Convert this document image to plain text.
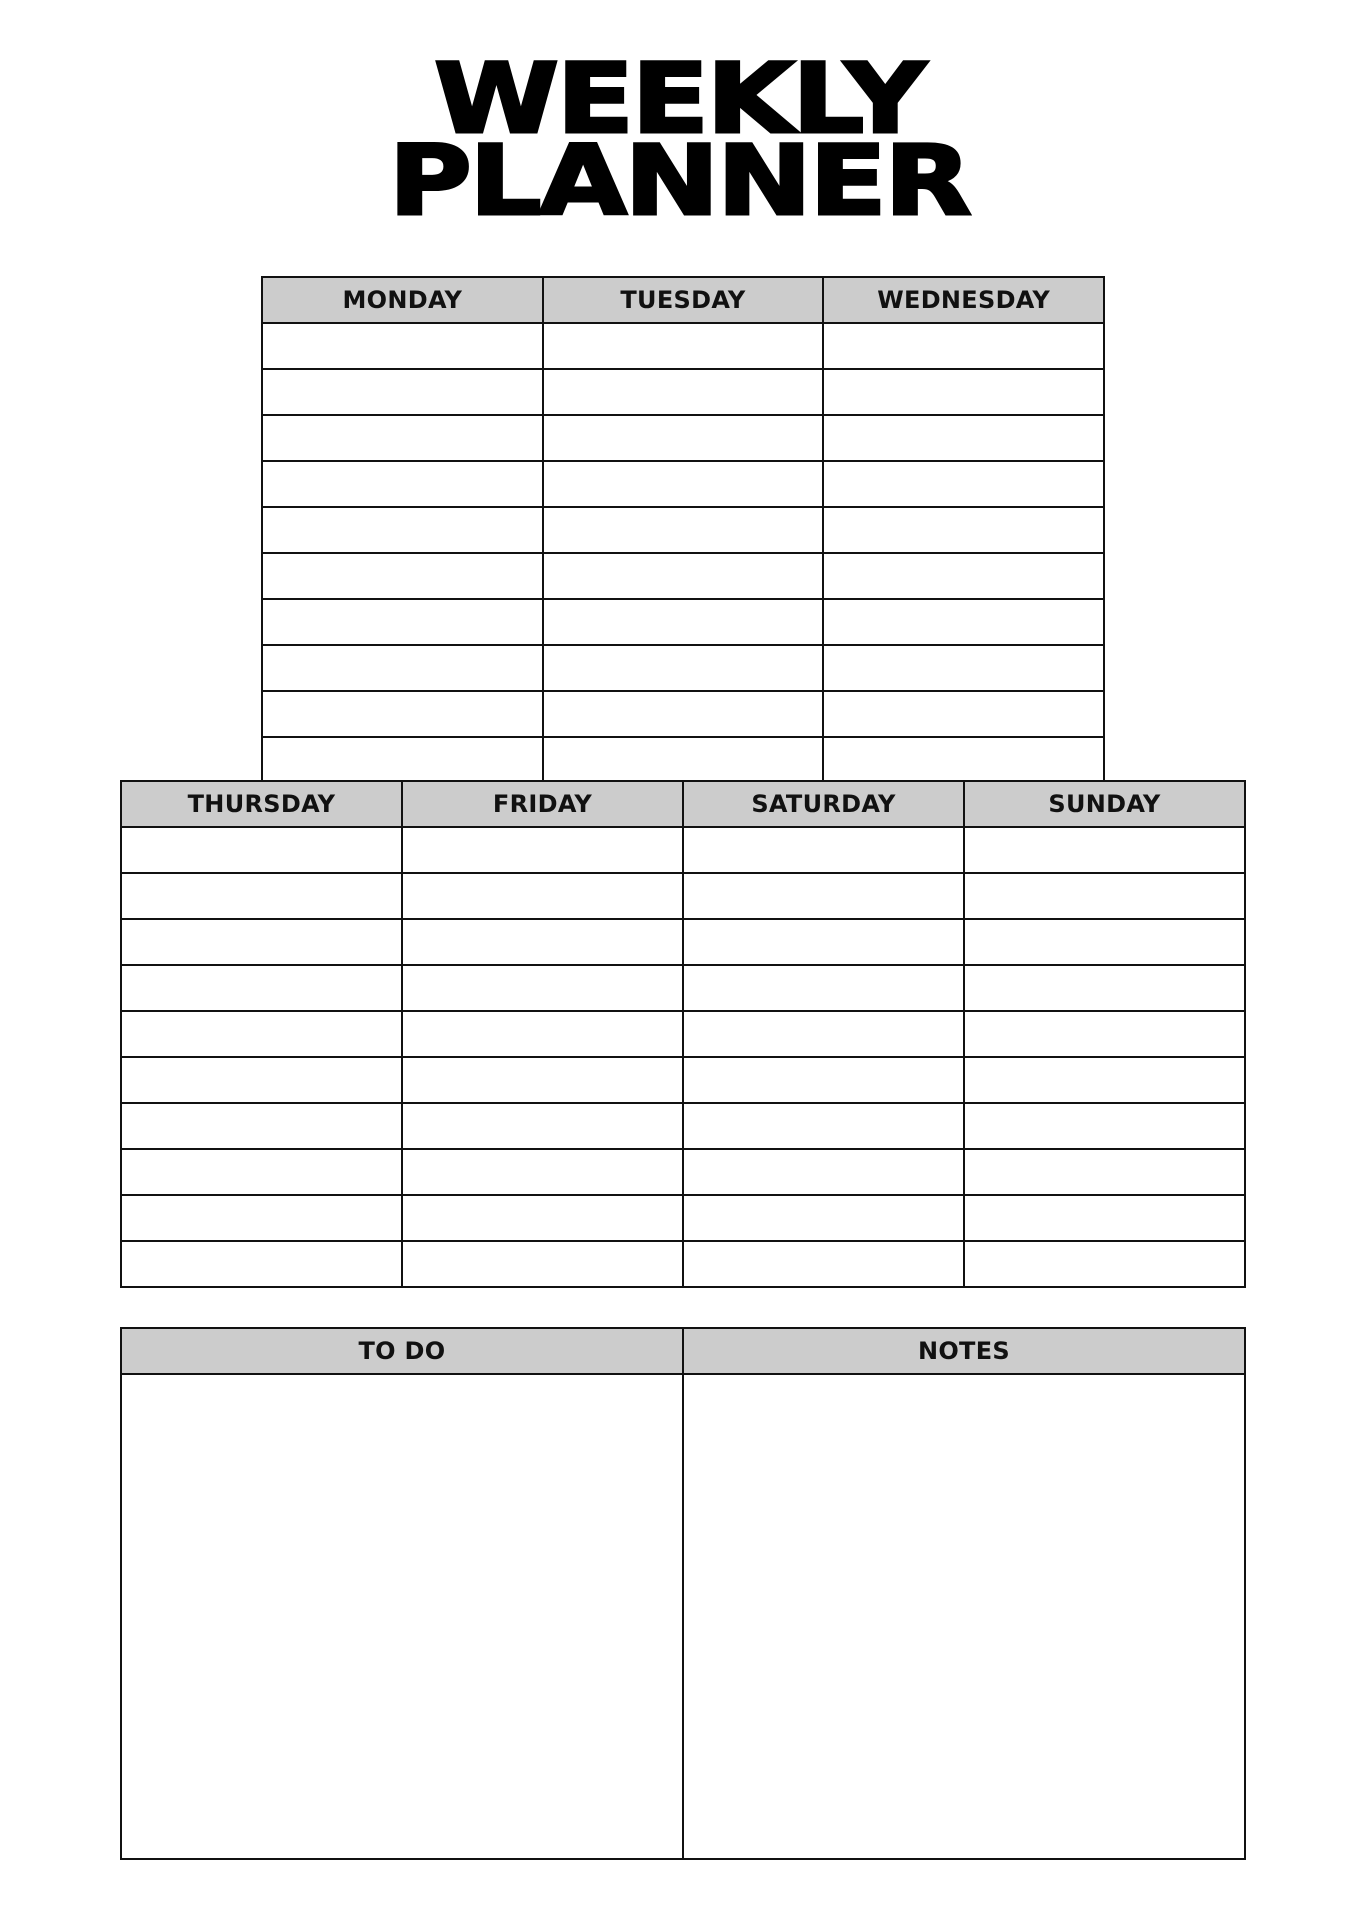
WEEKLY
PLANNER
MONDAY	TUESDAY	WEDNESDAY
THURSDAY	FRIDAY	SATURDAY	SUNDAY
TO DO	NOTES
